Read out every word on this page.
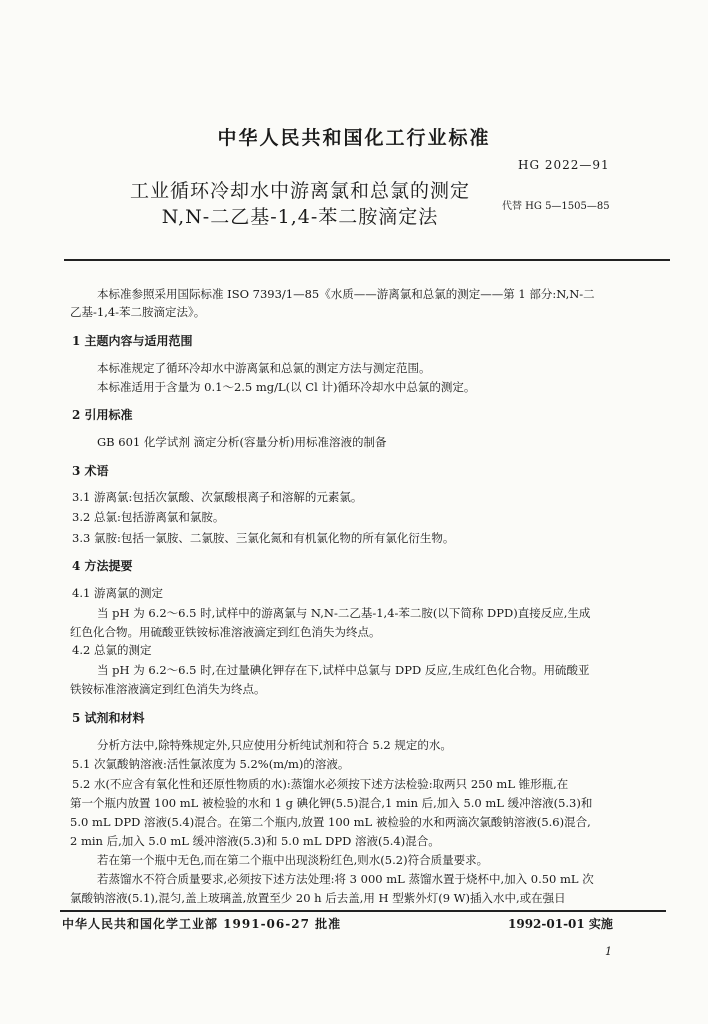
中华人民共和国化工行业标准
HG 2022—91
工业循环冷却水中游离氯和总氯的测定
N,N-二乙基-1,4-苯二胺滴定法	代替 HG 5—1505—85
本标准参照采用国际标准 ISO 7393/1—85《水质——游离氯和总氯的测定——第 1 部分:N,N-二
乙基-1,4-苯二胺滴定法》。
1 主题内容与适用范围
本标准规定了循环冷却水中游离氯和总氯的测定方法与测定范围。
本标准适用于含量为 0.1～2.5 mg/L(以 Cl 计)循环冷却水中总氯的测定。
2 引用标准
GB 601 化学试剂 滴定分析(容量分析)用标准溶液的制备
3 术语
3.1 游离氯:包括次氯酸、次氯酸根离子和溶解的元素氯。
3.2 总氯:包括游离氯和氯胺。
3.3 氯胺:包括一氯胺、二氯胺、三氯化氮和有机氯化物的所有氯化衍生物。
4 方法提要
4.1 游离氯的测定
当 pH 为 6.2～6.5 时,试样中的游离氯与 N,N-二乙基-1,4-苯二胺(以下简称 DPD)直接反应,生成
红色化合物。用硫酸亚铁铵标准溶液滴定到红色消失为终点。
4.2 总氯的测定
当 pH 为 6.2～6.5 时,在过量碘化钾存在下,试样中总氯与 DPD 反应,生成红色化合物。用硫酸亚
铁铵标准溶液滴定到红色消失为终点。
5 试剂和材料
分析方法中,除特殊规定外,只应使用分析纯试剂和符合 5.2 规定的水。
5.1 次氯酸钠溶液:活性氯浓度为 5.2%(m/m)的溶液。
5.2 水(不应含有氧化性和还原性物质的水):蒸馏水必须按下述方法检验:取两只 250 mL 锥形瓶,在
第一个瓶内放置 100 mL 被检验的水和 1 g 碘化钾(5.5)混合,1 min 后,加入 5.0 mL 缓冲溶液(5.3)和
5.0 mL DPD 溶液(5.4)混合。在第二个瓶内,放置 100 mL 被检验的水和两滴次氯酸钠溶液(5.6)混合,
2 min 后,加入 5.0 mL 缓冲溶液(5.3)和 5.0 mL DPD 溶液(5.4)混合。
若在第一个瓶中无色,而在第二个瓶中出现淡粉红色,则水(5.2)符合质量要求。
若蒸馏水不符合质量要求,必须按下述方法处理:将 3 000 mL 蒸馏水置于烧杯中,加入 0.50 mL 次
氯酸钠溶液(5.1),混匀,盖上玻璃盖,放置至少 20 h 后去盖,用 H 型紫外灯(9 W)插入水中,或在强日
中华人民共和国化学工业部 1991-06-27 批准	1992-01-01 实施
1
